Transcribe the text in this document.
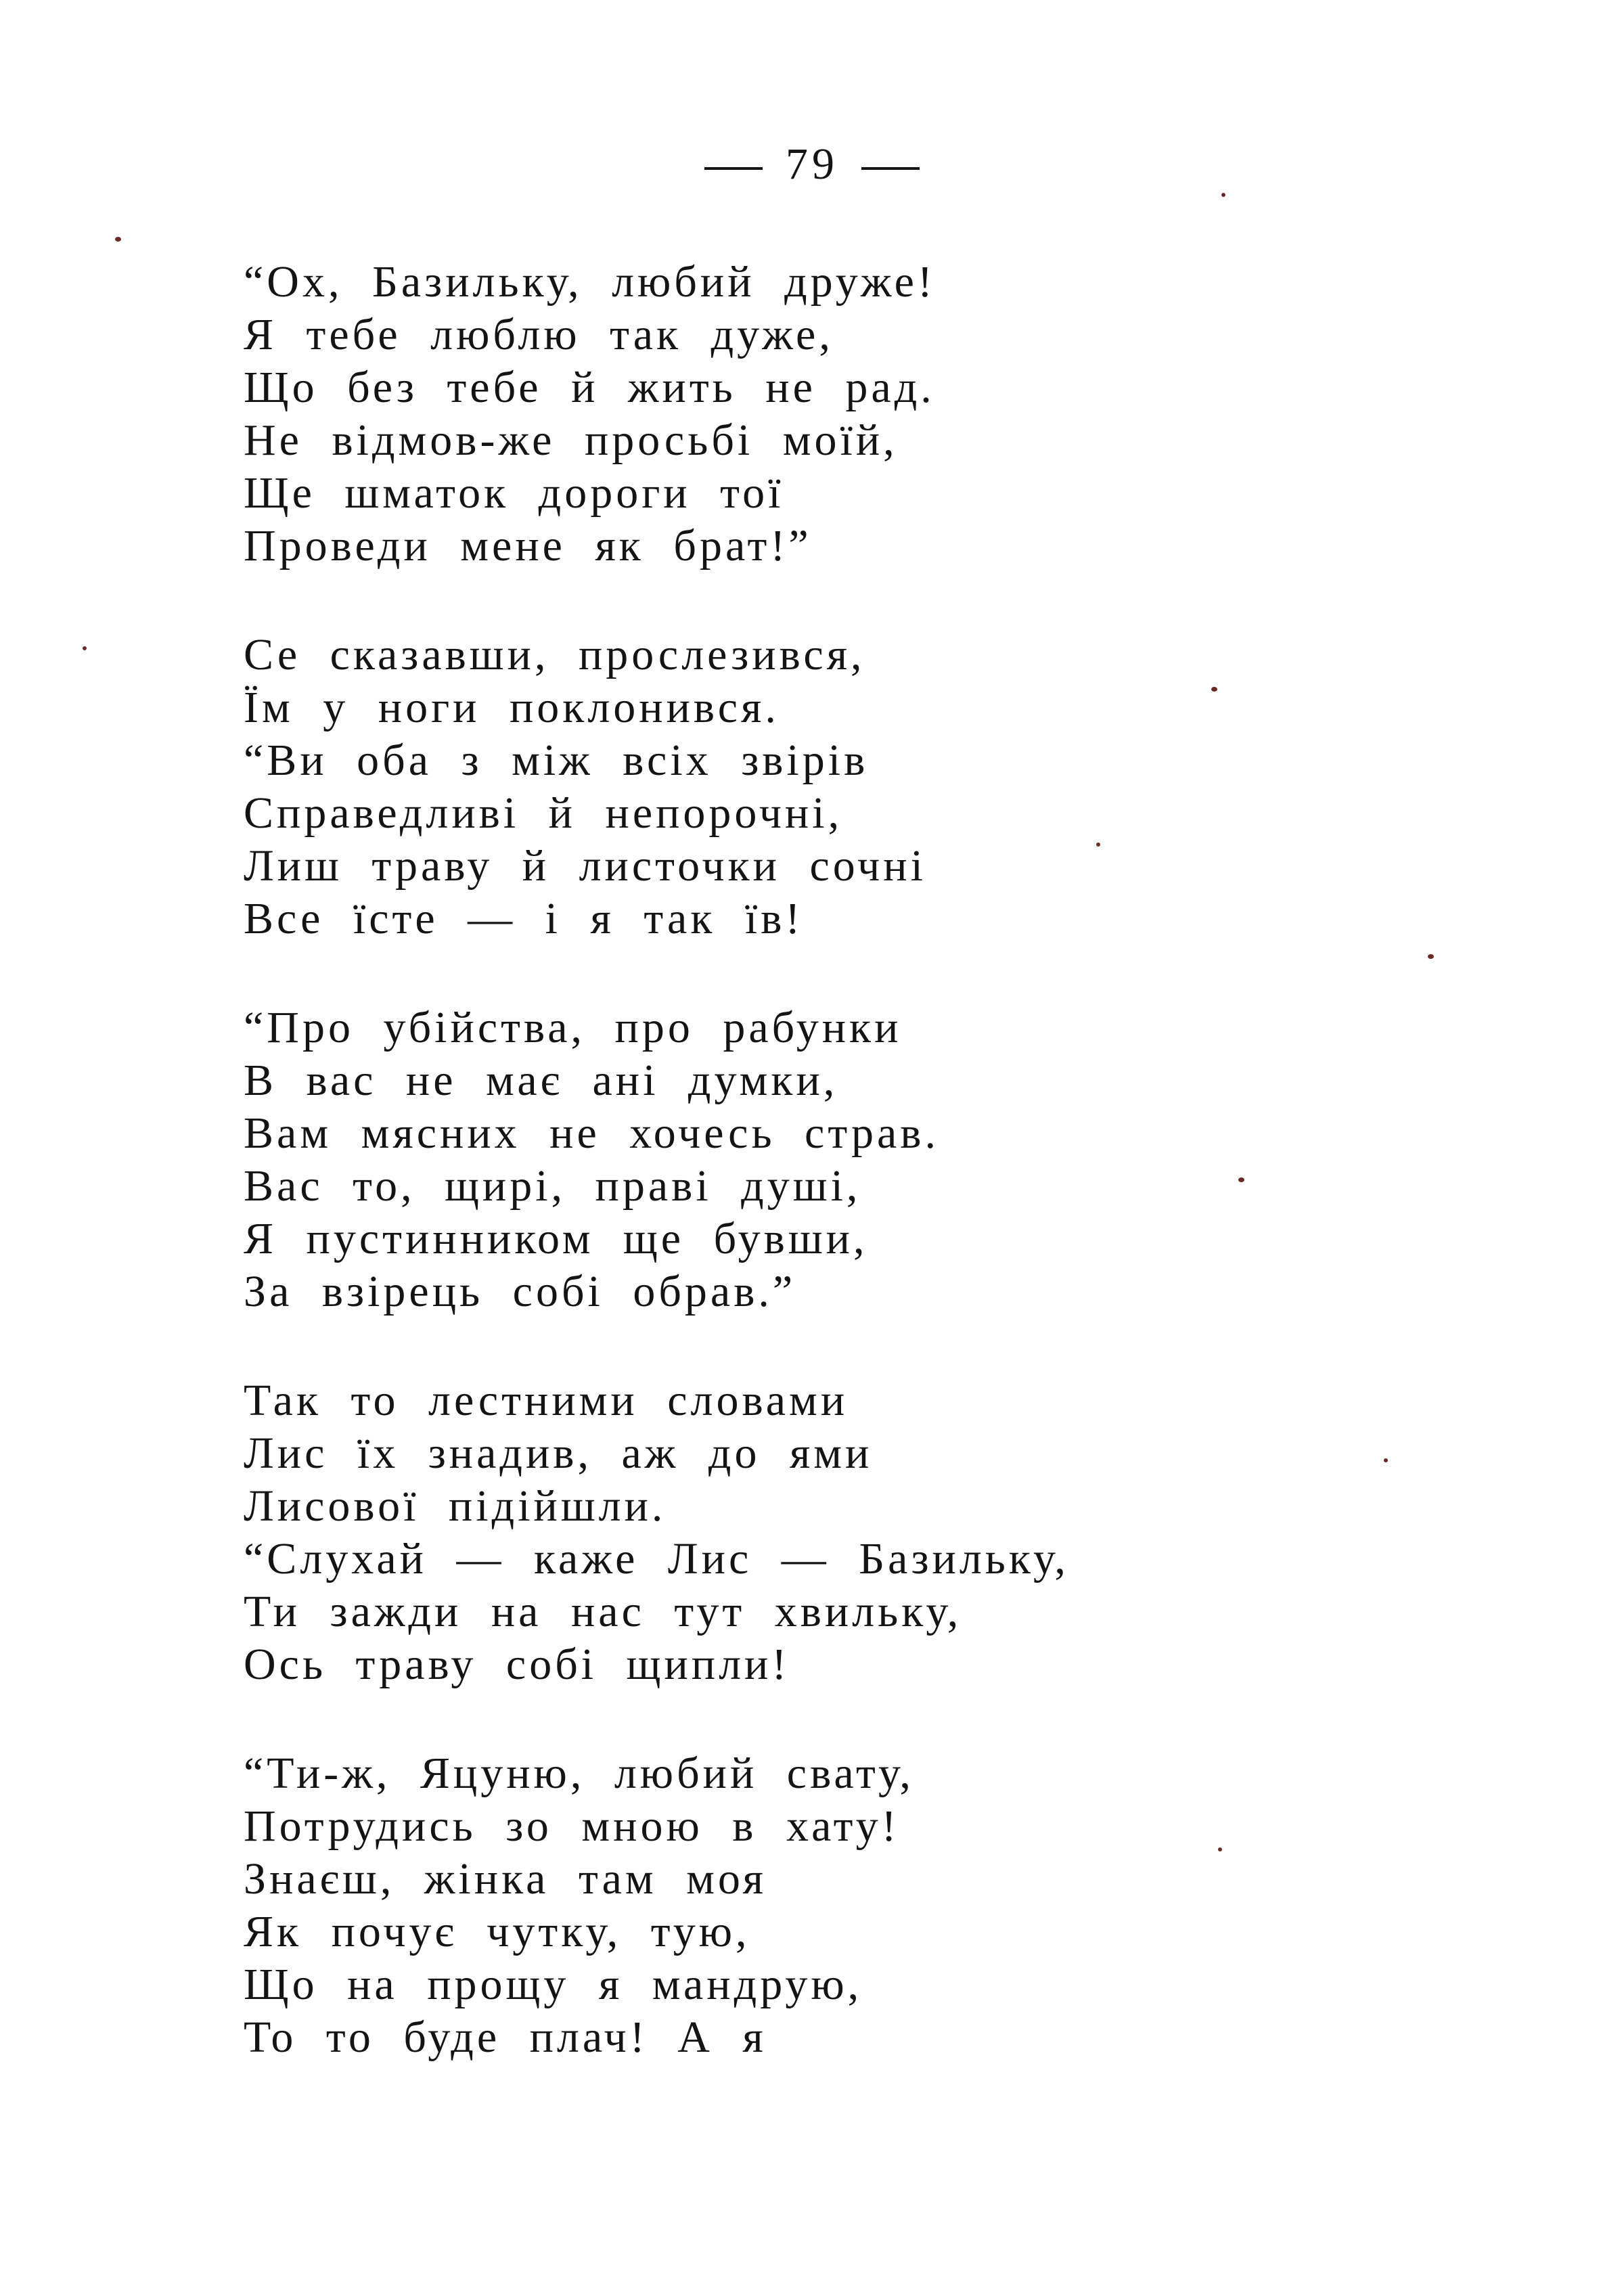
79
“Ох, Базильку, любий друже!
Я тебе люблю так дуже,
Що без тебе й жить не рад.
Не відмов-же просьбі моїй,
Ще шматок дороги тої
Проведи мене як брат!”
Се сказавши, прослезився,
Їм у ноги поклонився.
“Ви оба з між всіх звірів
Справедливі й непорочні,
Лиш траву й листочки сочні
Все їсте — і я так їв!
“Про убійства, про рабунки
В вас не має ані думки,
Вам мясних не хочесь страв.
Вас то, щирі, праві душі,
Я пустинником ще бувши,
За взірець собі обрав.”
Так то лестними словами
Лис їх знадив, аж до ями
Лисової підійшли.
“Слухай — каже Лис — Базильку,
Ти зажди на нас тут хвильку,
Ось траву собі щипли!
“Ти-ж, Яцуню, любий свату,
Потрудись зо мною в хату!
Знаєш, жінка там моя
Як почує чутку, тую,
Що на прощу я мандрую,
То то буде плач! А я
